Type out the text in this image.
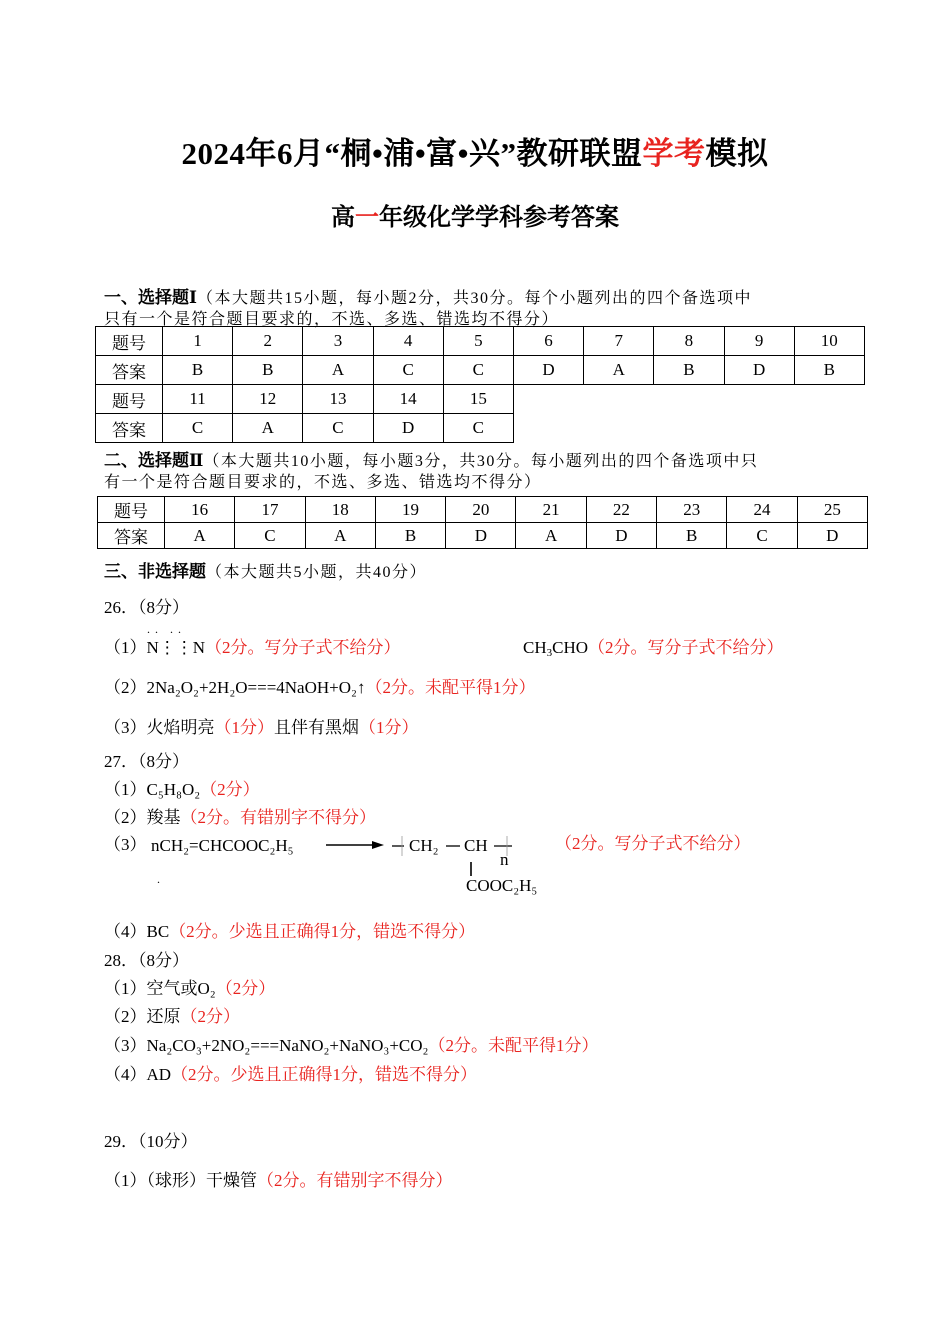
2024年6月“桐•浦•富•兴”教研联盟学考模拟
高一年级化学学科参考答案
一、选择题Ⅰ（本大题共15小题，每小题2分，共30分。每个小题列出的四个备选项中
只有一个是符合题目要求的，不选、多选、错选均不得分）
题号	1	2	3	4	5	6	7	8	9	10
答案	B	B	A	C	C	D	A	B	D	B
题号	11	12	13	14	15					
答案	C	A	C	D	C					
二、选择题Ⅱ（本大题共10小题，每小题3分，共30分。每小题列出的四个备选项中只
有一个是符合题目要求的，不选、多选、错选均不得分）
题号	16	17	18	19	20	21	22	23	24	25
答案	A	C	A	B	D	A	D	B	C	D
三、非选择题（本大题共5小题，共40分）
26．（8分）
（1）
·· ··
N⋮⋮N（2分。写分子式不给分）	$CH_3CHO(2$分。写分子式不给分）
（2）2Na₂O₂+2H₂O===4NaOH+O₂↑（2分。未配平得1分）
（3）火焰明亮（1分）且伴有黑烟（1分）
27．（8分）
（1）C₅H₈O₂（2分）
（2）羧基（2分。有错别字不得分）
（3） nCH₂=CHCOOC₂H₅	CH₂ CH
n
COOC₂H₅
.
（2分。写分子式不给分）
（4）BC（2分。少选且正确得1分，错选不得分）
28．（8分）
（1）空气或O₂（2分）
（2）还原（2分）
（3）Na₂CO₃+2NO₂===NaNO₂+NaNO₃+CO₂（2分。未配平得1分）
（4）AD（2分。少选且正确得1分，错选不得分）
29．（10分）
（1）（球形）干燥管（2分。有错别字不得分）
